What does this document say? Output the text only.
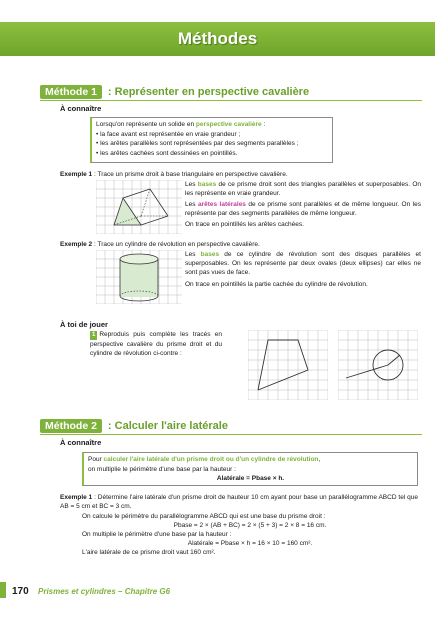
Méthodes
Méthode 1	: Représenter en perspective cavalière
À connaître
Lorsqu'on représente un solide en perspective cavalière :
• la face avant est représentée en vraie grandeur ;
• les arêtes parallèles sont représentées par des segments parallèles ;
• les arêtes cachées sont dessinées en pointillés.
Exemple 1 : Trace un prisme droit à base triangulaire en perspective cavalière.
Les bases de ce prisme droit sont des triangles parallèles et superposables. On les représente en vraie grandeur.
Les arêtes latérales de ce prisme sont parallèles et de même longueur. On les représente par des segments parallèles de même longueur.
On trace en pointillés les arêtes cachées.
Exemple 2 : Trace un cylindre de révolution en perspective cavalière.
Les bases de ce cylindre de révolution sont des disques parallèles et superposables. On les représente par deux ovales (deux ellipses) car elles ne sont pas vues de face.
On trace en pointillés la partie cachée du cylindre de révolution.
À toi de jouer
1 Reproduis puis complète les tracés en perspective cavalière du prisme droit et du cylindre de révolution ci-contre :
Méthode 2	: Calculer l'aire latérale
À connaître
Pour calculer l'aire latérale d'un prisme droit ou d'un cylindre de révolution,
on multiplie le périmètre d'une base par la hauteur :
Alatérale = Pbase × h.
Exemple 1 : Détermine l'aire latérale d'un prisme droit de hauteur 10 cm ayant pour base un parallélogramme ABCD tel que AB = 5 cm et BC = 3 cm.
On calcule le périmètre du parallélogramme ABCD qui est une base du prisme droit :
Pbase = 2 × (AB + BC) = 2 × (5 + 3) = 2 × 8 = 16 cm.
On multiplie le périmètre d'une base par la hauteur :
Alatérale = Pbase × h = 16 × 10 = 160 cm².
L'aire latérale de ce prisme droit vaut 160 cm².
170 Prismes et cylindres – Chapitre G6
